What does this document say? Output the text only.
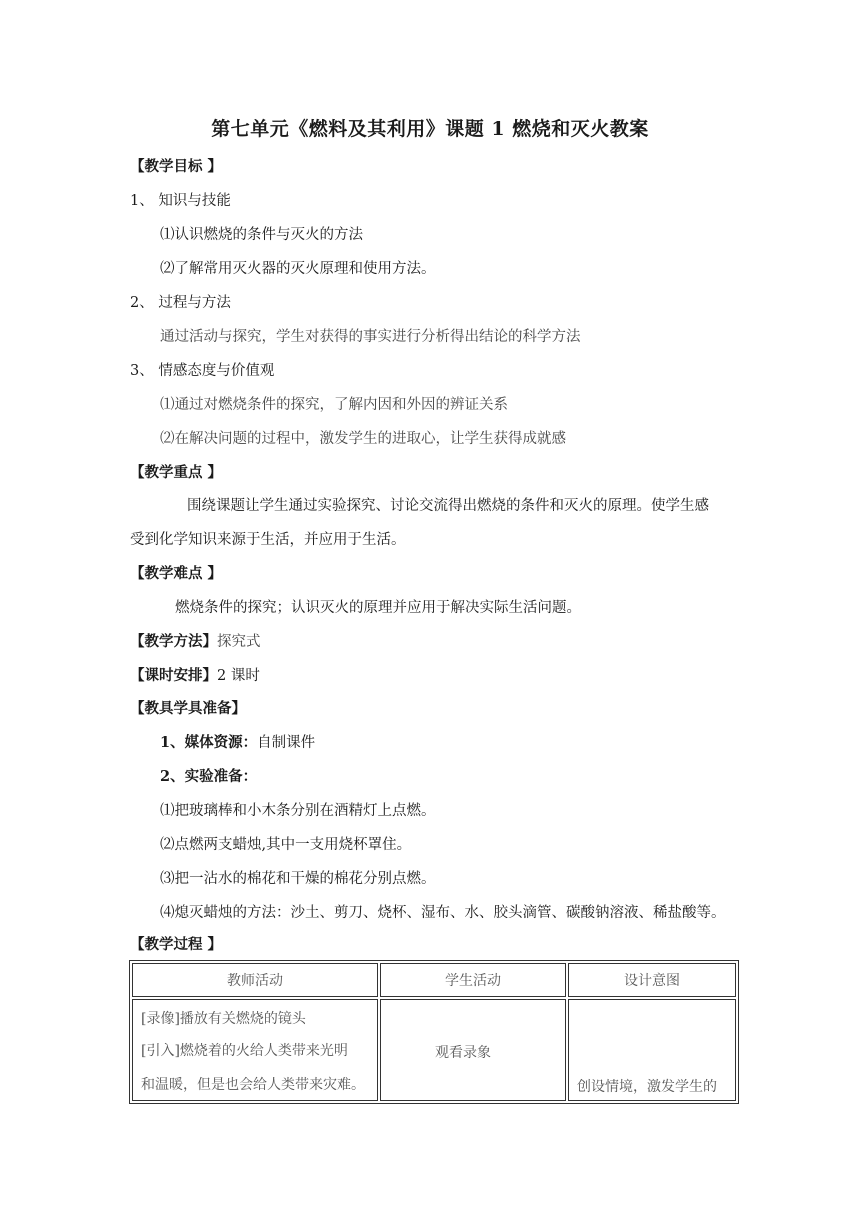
第七单元《燃料及其利用》课题 1 燃烧和灭火教案
【教学目标 】
1、 知识与技能
⑴认识燃烧的条件与灭火的方法
⑵了解常用灭火器的灭火原理和使用方法。
2、 过程与方法
通过活动与探究，学生对获得的事实进行分析得出结论的科学方法
3、 情感态度与价值观
⑴通过对燃烧条件的探究，了解内因和外因的辨证关系
⑵在解决问题的过程中，激发学生的进取心，让学生获得成就感
【教学重点 】
围绕课题让学生通过实验探究、讨论交流得出燃烧的条件和灭火的原理。使学生感
受到化学知识来源于生活，并应用于生活。
【教学难点 】
燃烧条件的探究；认识灭火的原理并应用于解决实际生活问题。
【教学方法】探究式
【课时安排】2 课时
【教具学具准备】
1、媒体资源：自制课件
2、实验准备：
⑴把玻璃棒和小木条分别在酒精灯上点燃。
⑵点燃两支蜡烛,其中一支用烧杯罩住。
⑶把一沾水的棉花和干燥的棉花分别点燃。
⑷熄灭蜡烛的方法：沙土、剪刀、烧杯、湿布、水、胶头滴管、碳酸钠溶液、稀盐酸等。
【教学过程 】
教师活动	学生活动	设计意图

[录像]播放有关燃烧的镜头
[引入]燃烧着的火给人类带来光明
和温暖，但是也会给人类带来灾难。	观看录象	创设情境，激发学生的
